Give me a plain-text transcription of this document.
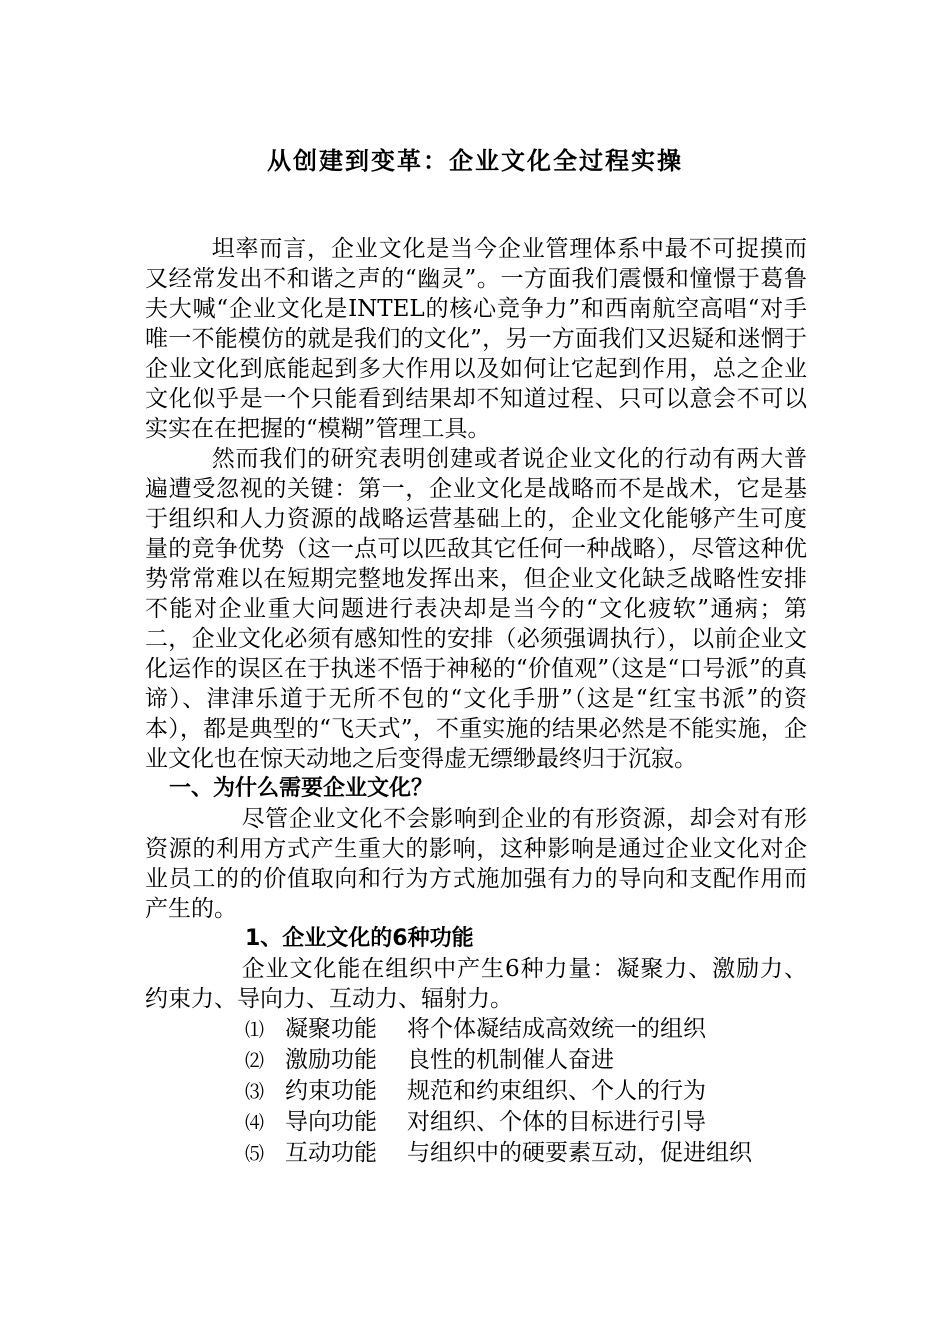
从创建到变革：企业文化全过程实操

坦率而言，企业文化是当今企业管理体系中最不可捉摸而又经常发出不和谐之声的“幽灵”。一方面我们震慑和憧憬于葛鲁夫大喊“企业文化是INTEL的核心竞争力”和西南航空高唱“对手唯一不能模仿的就是我们的文化”，另一方面我们又迟疑和迷惘于企业文化到底能起到多大作用以及如何让它起到作用，总之企业文化似乎是一个只能看到结果却不知道过程、只可以意会不可以实实在在把握的“模糊”管理工具。

然而我们的研究表明创建或者说企业文化的行动有两大普遍遭受忽视的关键：第一，企业文化是战略而不是战术，它是基于组织和人力资源的战略运营基础上的，企业文化能够产生可度量的竞争优势（这一点可以匹敌其它任何一种战略），尽管这种优势常常难以在短期完整地发挥出来，但企业文化缺乏战略性安排不能对企业重大问题进行表决却是当今的“文化疲软”通病；第二，企业文化必须有感知性的安排（必须强调执行），以前企业文化运作的误区在于执迷不悟于神秘的“价值观”（这是“口号派”的真谛）、津津乐道于无所不包的“文化手册”（这是“红宝书派”的资本），都是典型的“飞天式”，不重实施的结果必然是不能实施，企业文化也在惊天动地之后变得虚无缥缈最终归于沉寂。

一、为什么需要企业文化？

尽管企业文化不会影响到企业的有形资源，却会对有形资源的利用方式产生重大的影响，这种影响是通过企业文化对企业员工的的价值取向和行为方式施加强有力的导向和支配作用而产生的。

1、企业文化的6种功能

企业文化能在组织中产生6种力量：凝聚力、激励力、约束力、导向力、互动力、辐射力。

⑴ 凝聚功能 将个体凝结成高效统一的组织
⑵ 激励功能 良性的机制催人奋进
⑶ 约束功能 规范和约束组织、个人的行为
⑷ 导向功能 对组织、个体的目标进行引导
⑸ 互动功能 与组织中的硬要素互动，促进组织
